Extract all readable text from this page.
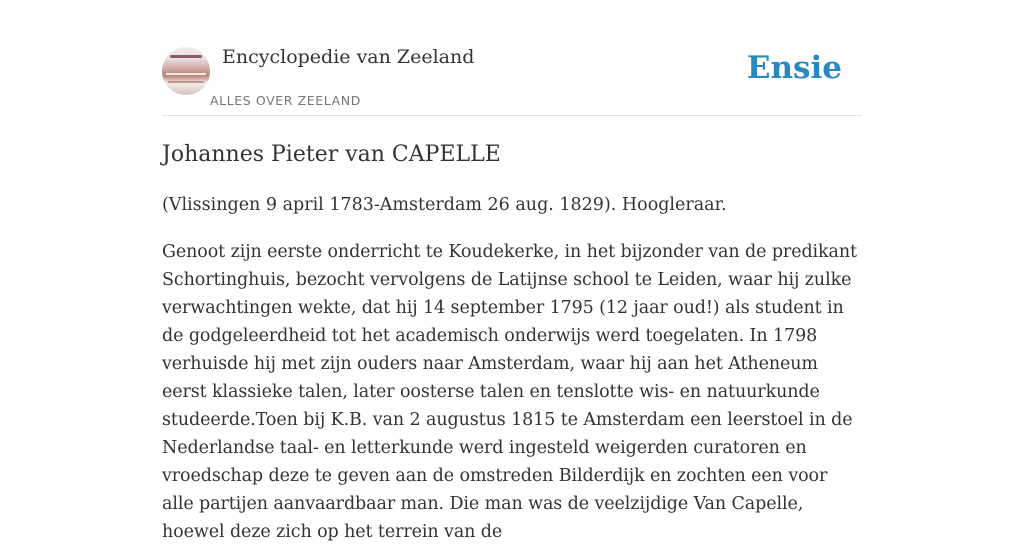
Encyclopedie van Zeeland
ALLES OVER ZEELAND
Ensie
Johannes Pieter van CAPELLE

(Vlissingen 9 april 1783-Amsterdam 26 aug. 1829). Hoogleraar.

Genoot zijn eerste onderricht te Koudekerke, in het bijzonder van de predikant Schortinghuis, bezocht vervolgens de Latijnse school te Leiden, waar hij zulke verwachtingen wekte, dat hij 14 september 1795 (12 jaar oud!) als student in de godgeleerdheid tot het academisch onderwijs werd toegelaten. In 1798 verhuisde hij met zijn ouders naar Amsterdam, waar hij aan het Atheneum eerst klassieke talen, later oosterse talen en tenslotte wis- en natuurkunde studeerde.Toen bij K.B. van 2 augustus 1815 te Amsterdam een leerstoel in de Nederlandse taal- en letterkunde werd ingesteld weigerden curatoren en vroedschap deze te geven aan de omstreden Bilderdijk en zochten een voor alle partijen aanvaardbaar man. Die man was de veelzijdige Van Capelle, hoewel deze zich op het terrein van de
